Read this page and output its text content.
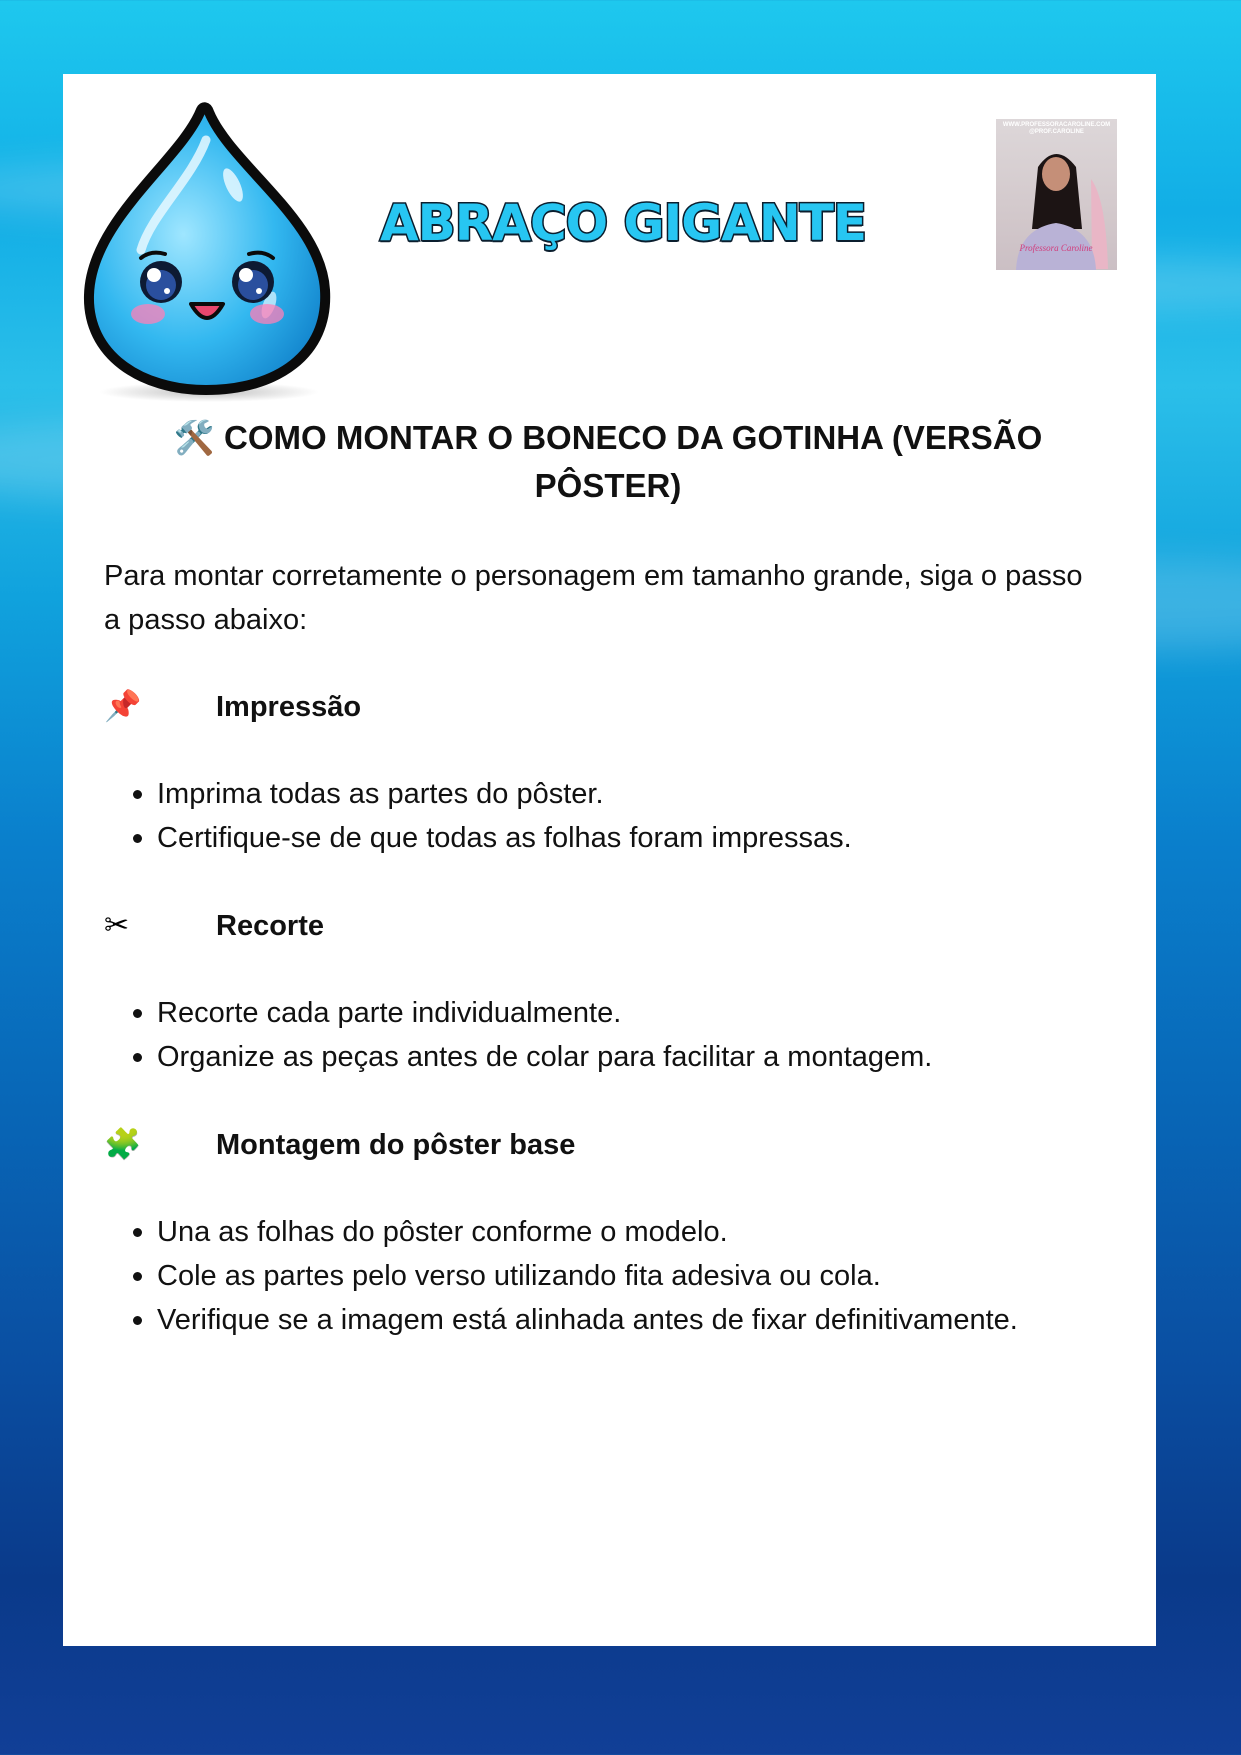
ABRAÇO GIGANTE
WWW.PROFESSORACAROLINE.COM @PROF.CAROLINE
Professora Caroline
🛠️ COMO MONTAR O BONECO DA GOTINHA (VERSÃO PÔSTER)
Para montar corretamente o personagem em tamanho grande, siga o passo a passo abaixo:
📌	Impressão
Imprima todas as partes do pôster.
Certifique-se de que todas as folhas foram impressas.
✂	Recorte
Recorte cada parte individualmente.
Organize as peças antes de colar para facilitar a montagem.
🧩	Montagem do pôster base
Una as folhas do pôster conforme o modelo.
Cole as partes pelo verso utilizando fita adesiva ou cola.
Verifique se a imagem está alinhada antes de fixar definitivamente.
